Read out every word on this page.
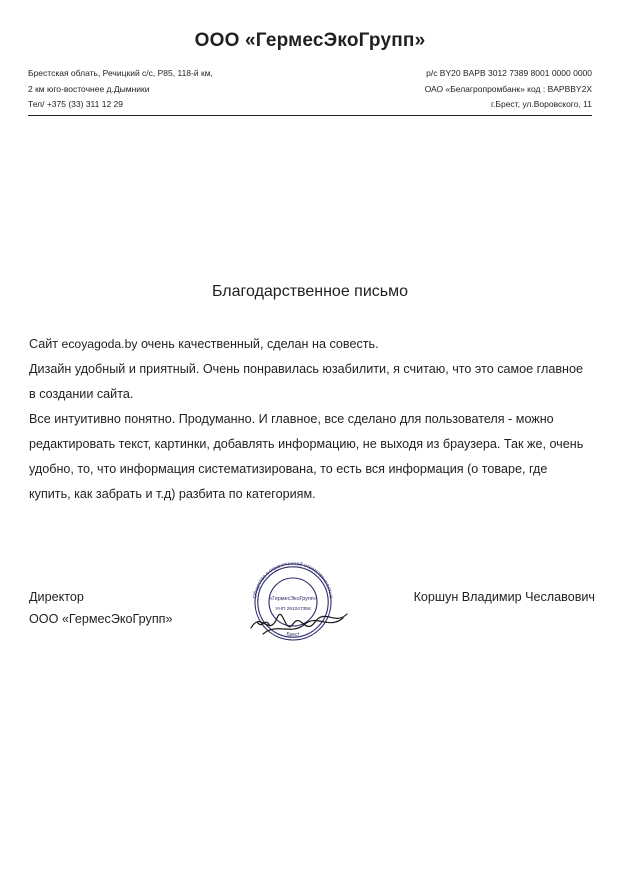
ООО «ГермесЭкоГрупп»
Брестская облать, Речицкий с/с, Р85, 118-й км,
2 км юго-восточнее д.Дымники
Тел/ +375 (33) 311 12 29
р/с BY20 BAPB 3012 7389 8001 0000 0000
ОАО «Белагропромбанк» код : BAPBBY2X
г.Брест, ул.Воровского, 11
Благодарственное письмо

Сайт ecoyagoda.by очень качественный, сделан на совесть.

Дизайн удобный и приятный. Очень понравилась юзабилити, я считаю, что это самое главное в создании сайта.

Все интуитивно понятно. Продуманно. И главное, все сделано для пользователя - можно редактировать текст, картинки, добавлять информацию, не выходя из браузера. Так же, очень удобно, то, что информация систематизирована, то есть вся информация (о товаре, где купить, как забрать и т.д) разбита по категориям.

Директор
ООО «ГермесЭкоГрупп»
Коршун Владимир Чеславович
Общество с ограниченной ответственностью
Брест
«ГермесЭкоГрупп»
УНП 291047358
